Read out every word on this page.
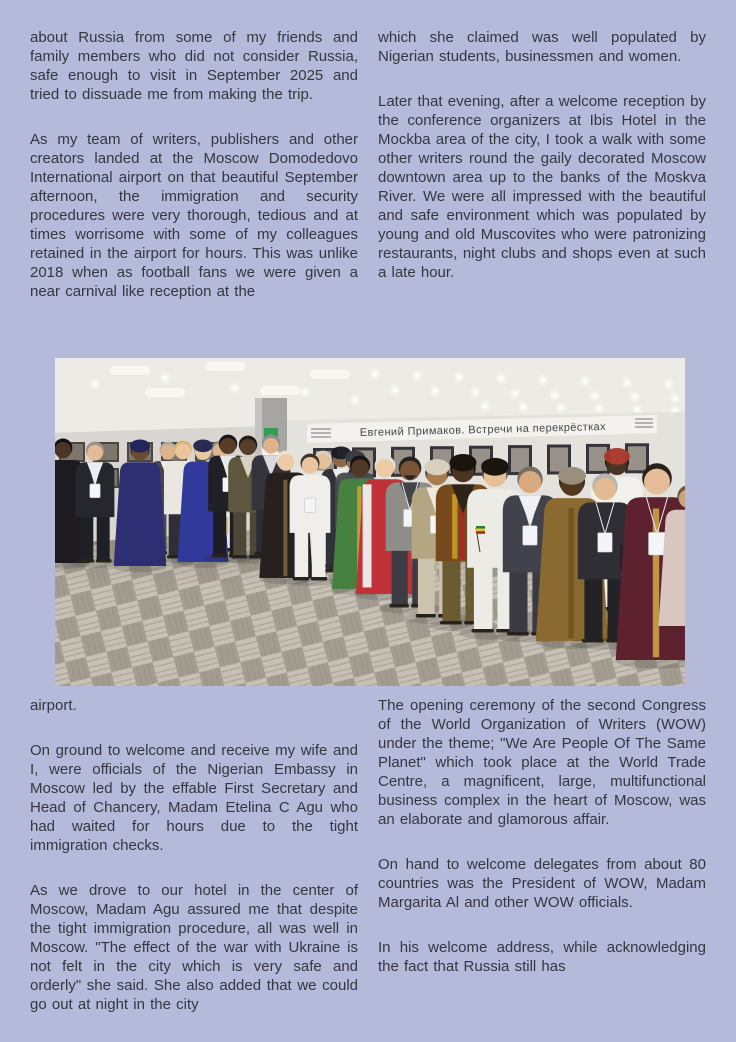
about Russia from some of my friends and family members who did not consider Russia, safe enough to visit in September 2025 and tried to dissuade me from making the trip.

As my team of writers, publishers and other creators landed at the Moscow Domodedovo International airport on that beautiful September afternoon, the immigration and security procedures were very thorough, tedious and at times worrisome with some of my colleagues retained in the airport for hours. This was unlike 2018 when as football fans we were given a near carnival like reception at the

which she claimed was well populated by Nigerian students, businessmen and women.

Later that evening, after a welcome reception by the conference organizers at Ibis Hotel in the Mockba area of the city, I took a walk with some other writers round the gaily decorated Moscow downtown area up to the banks of the Moskva River. We were all impressed with the beautiful and safe environment which was populated by young and old Muscovites who were patronizing restaurants, night clubs and shops even at such a late hour.

Евгений Примаков. Встречи на перекрёстках

airport.

On ground to welcome and receive my wife and I, were officials of the Nigerian Embassy in Moscow led by the effable First Secretary and Head of Chancery, Madam Etelina C Agu who had waited for hours due to the tight immigration checks.

As we drove to our hotel in the center of Moscow, Madam Agu assured me that despite the tight immigration procedure, all was well in Moscow. "The effect of the war with Ukraine is not felt in the city which is very safe and orderly" she said. She also added that we could go out at night in the city

The opening ceremony of the second Congress of the World Organization of Writers (WOW) under the theme; "We Are People Of The Same Planet" which took place at the World Trade Centre, a magnificent, large, multifunctional business complex in the heart of Moscow, was an elaborate and glamorous affair.

On hand to welcome delegates from about 80 countries was the President of WOW, Madam Margarita Al and other WOW officials.

In his welcome address, while acknowledging the fact that Russia still has
